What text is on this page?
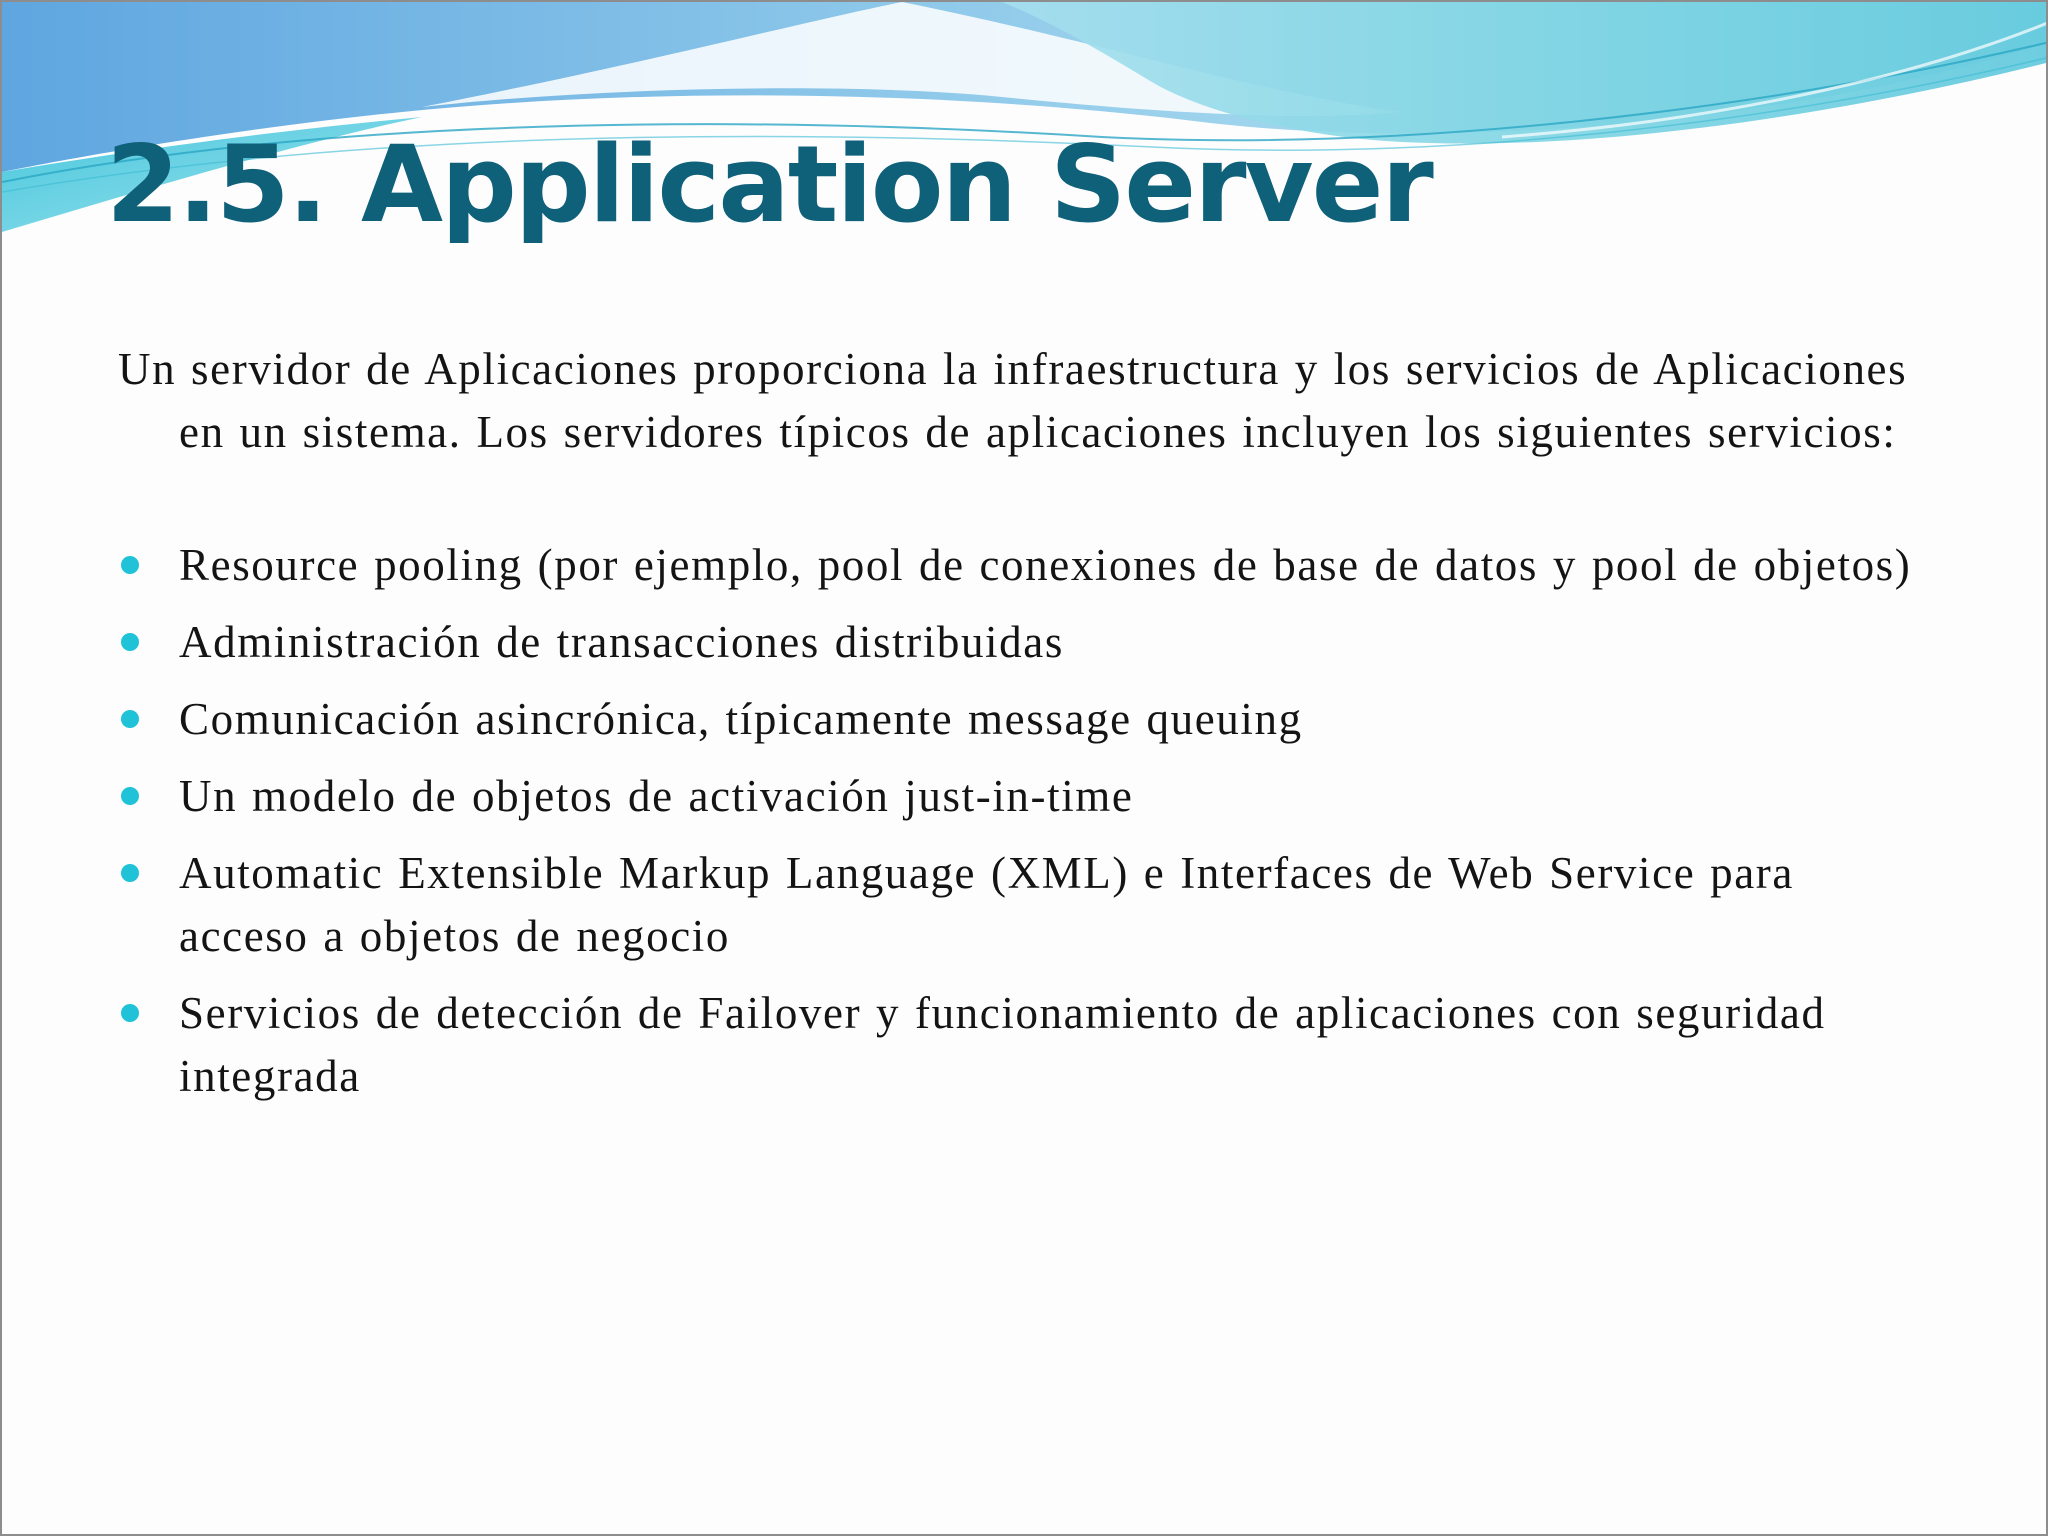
2.5. Application Server

Un servidor de Aplicaciones proporciona la infraestructura y los servicios de Aplicaciones en un sistema. Los servidores típicos de aplicaciones incluyen los siguientes servicios:

Resource pooling (por ejemplo, pool de conexiones de base de datos y pool de objetos)
Administración de transacciones distribuidas
Comunicación asincrónica, típicamente message queuing
Un modelo de objetos de activación just-in-time
Automatic Extensible Markup Language (XML) e Interfaces de Web Service para acceso a objetos de negocio
Servicios de detección de Failover y funcionamiento de aplicaciones con seguridad integrada
